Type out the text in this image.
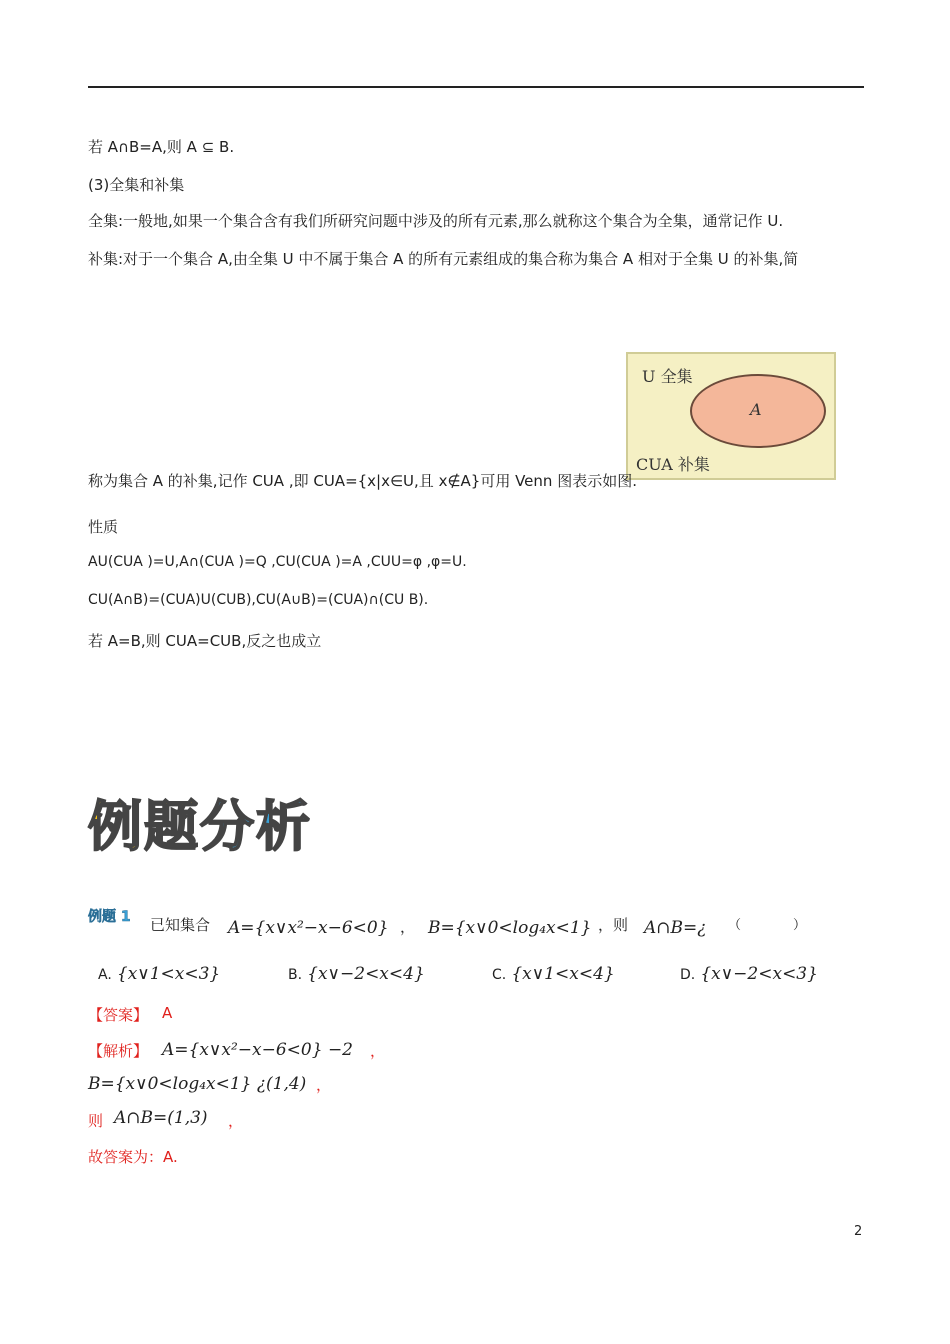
若 A∩B=A,则 A ⊆ B.
(3)全集和补集
全集:一般地,如果一个集合含有我们所研究问题中涉及的所有元素,那么就称这个集合为全集，通常记作 U.
补集:对于一个集合 A,由全集 U 中不属于集合 A 的所有元素组成的集合称为集合 A 相对于全集 U 的补集,简
U 全集
A
CUA 补集
称为集合 A 的补集,记作 CUA ,即 CUA={x|x∈U,且 x∉A}可用 Venn 图表示如图.
性质
AU(CUA )=U,A∩(CUA )=Q ,CU(CUA )=A ,CUU=φ ,φ=U.
CU(A∩B)=(CUA)U(CUB),CU(A∪B)=(CUA)∩(CU B).
若 A=B,则 CUA=CUB,反之也成立
例题分析
例题 1 已知集合 A={x∨x²−x−6<0} ， B={x∨0<log₄x<1} ，则 A∩B=¿ （　　　　）
A. {x∨1<x<3}	B. {x∨−2<x<4}	C. {x∨1<x<4}	D. {x∨−2<x<3}
【答案】 A
【解析】 A={x∨x²−x−6<0} −2 ，
B={x∨0<log₄x<1} ¿(1,4) ，
则 A∩B=(1,3) ，
故答案为：A.
2
